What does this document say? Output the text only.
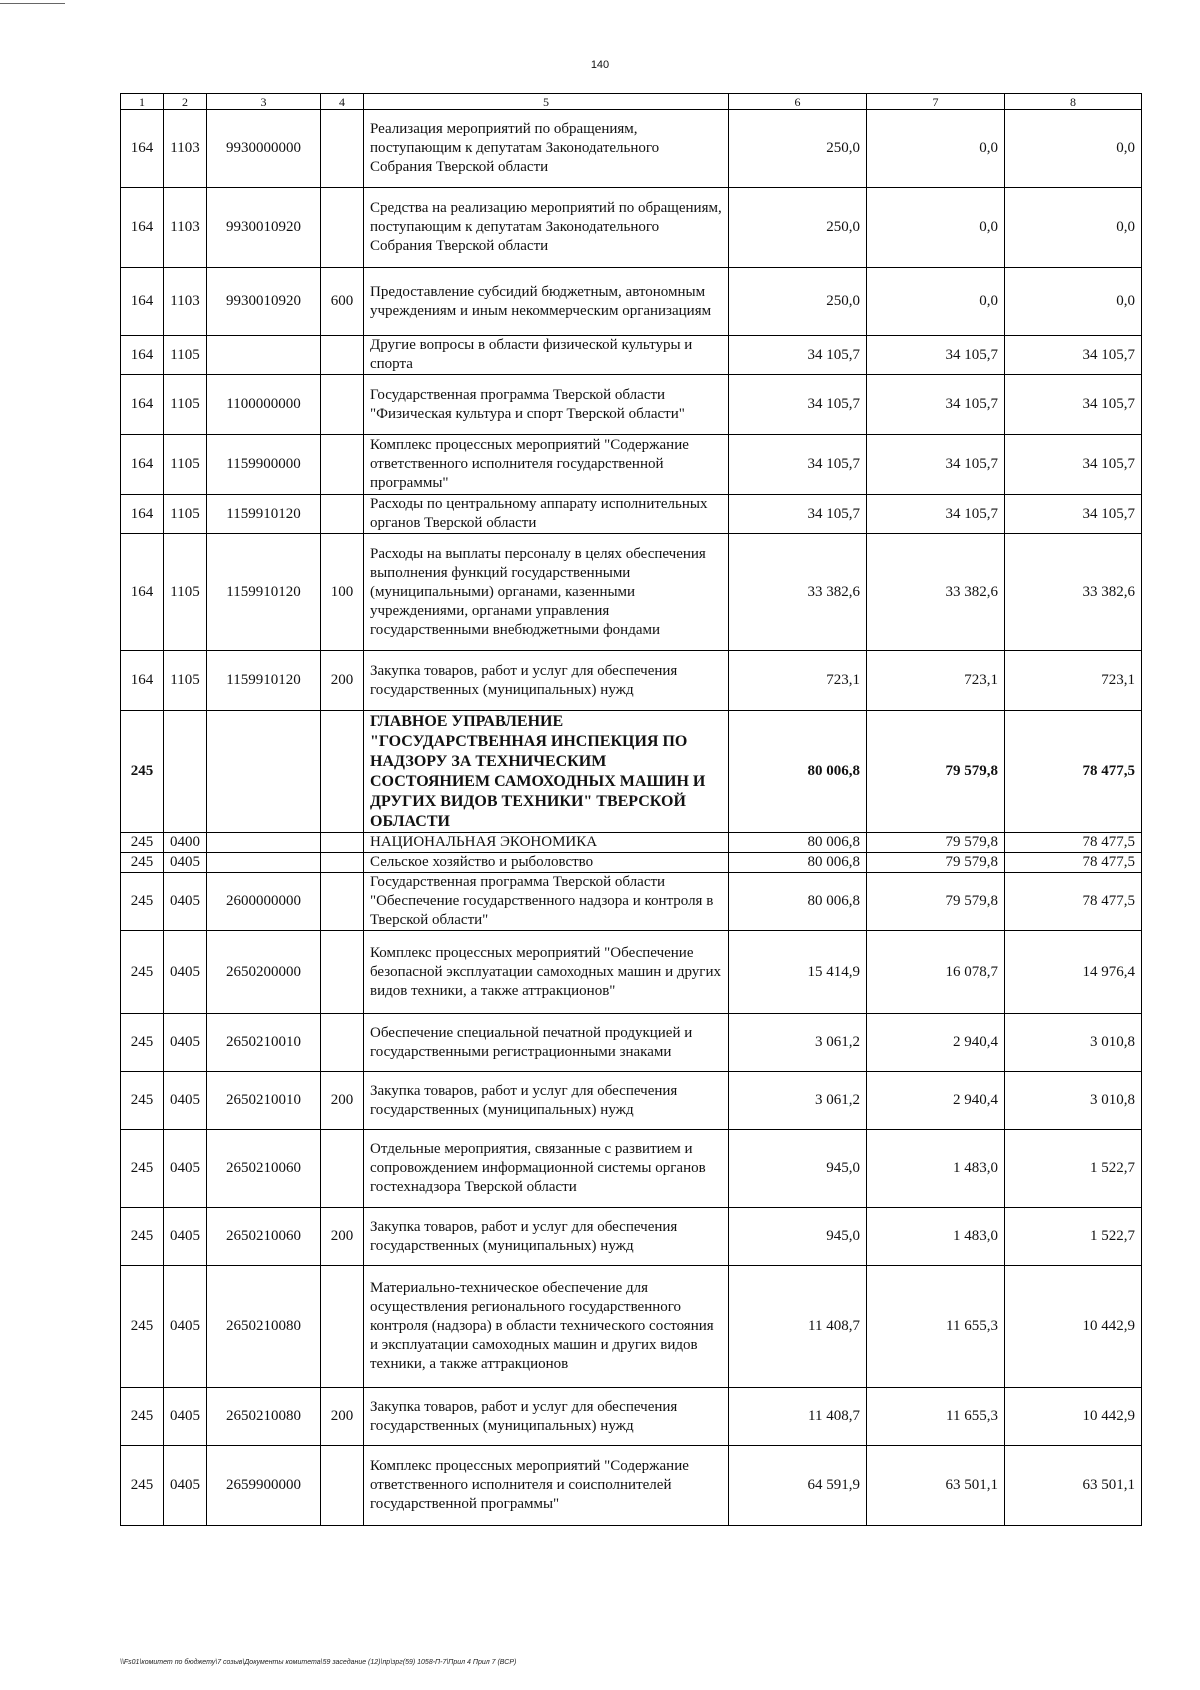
140
1	2	3	4	5	6	7	8
164	1103	9930000000		Реализация мероприятий по обращениям, поступающим к депутатам Законодательного Собрания Тверской области	250,0	0,0	0,0
164	1103	9930010920		Средства на реализацию мероприятий по обращениям, поступающим к депутатам Законодательного Собрания Тверской области	250,0	0,0	0,0
164	1103	9930010920	600	Предоставление субсидий бюджетным, автономным учреждениям и иным некоммерческим организациям	250,0	0,0	0,0
164	1105			Другие вопросы в области физической культуры и спорта	34 105,7	34 105,7	34 105,7
164	1105	1100000000		Государственная программа Тверской области "Физическая культура и спорт Тверской области"	34 105,7	34 105,7	34 105,7
164	1105	1159900000		Комплекс процессных мероприятий "Содержание ответственного исполнителя государственной программы"	34 105,7	34 105,7	34 105,7
164	1105	1159910120		Расходы по центральному аппарату исполнительных органов Тверской области	34 105,7	34 105,7	34 105,7
164	1105	1159910120	100	Расходы на выплаты персоналу в целях обеспечения выполнения функций государственными (муниципальными) органами, казенными учреждениями, органами управления государственными внебюджетными фондами	33 382,6	33 382,6	33 382,6
164	1105	1159910120	200	Закупка товаров, работ и услуг для обеспечения государственных (муниципальных) нужд	723,1	723,1	723,1
245				ГЛАВНОЕ УПРАВЛЕНИЕ "ГОСУДАРСТВЕННАЯ ИНСПЕКЦИЯ ПО НАДЗОРУ ЗА ТЕХНИЧЕСКИМ СОСТОЯНИЕМ САМОХОДНЫХ МАШИН И ДРУГИХ ВИДОВ ТЕХНИКИ" ТВЕРСКОЙ ОБЛАСТИ	80 006,8	79 579,8	78 477,5
245	0400			НАЦИОНАЛЬНАЯ ЭКОНОМИКА	80 006,8	79 579,8	78 477,5
245	0405			Сельское хозяйство и рыболовство	80 006,8	79 579,8	78 477,5
245	0405	2600000000		Государственная программа Тверской области "Обеспечение государственного надзора и контроля в Тверской области"	80 006,8	79 579,8	78 477,5
245	0405	2650200000		Комплекс процессных мероприятий "Обеспечение безопасной эксплуатации самоходных машин и других видов техники, а также аттракционов"	15 414,9	16 078,7	14 976,4
245	0405	2650210010		Обеспечение специальной печатной продукцией и государственными регистрационными знаками	3 061,2	2 940,4	3 010,8
245	0405	2650210010	200	Закупка товаров, работ и услуг для обеспечения государственных (муниципальных) нужд	3 061,2	2 940,4	3 010,8
245	0405	2650210060		Отдельные мероприятия, связанные с развитием и сопровождением информационной системы органов гостехнадзора Тверской области	945,0	1 483,0	1 522,7
245	0405	2650210060	200	Закупка товаров, работ и услуг для обеспечения государственных (муниципальных) нужд	945,0	1 483,0	1 522,7
245	0405	2650210080		Материально-техническое обеспечение для осуществления регионального государственного контроля (надзора) в области технического состояния и эксплуатации самоходных машин и других видов техники, а также аттракционов	11 408,7	11 655,3	10 442,9
245	0405	2650210080	200	Закупка товаров, работ и услуг для обеспечения государственных (муниципальных) нужд	11 408,7	11 655,3	10 442,9
245	0405	2659900000		Комплекс процессных мероприятий "Содержание ответственного исполнителя и соисполнителей государственной программы"	64 591,9	63 501,1	63 501,1
\\Fs01\комитет по бюджету\7 созыв\Документы комитета\59 заседание (12)\пр\зрг(59) 1058-П-7\Прил 4 Прил 7 (ВСР)
